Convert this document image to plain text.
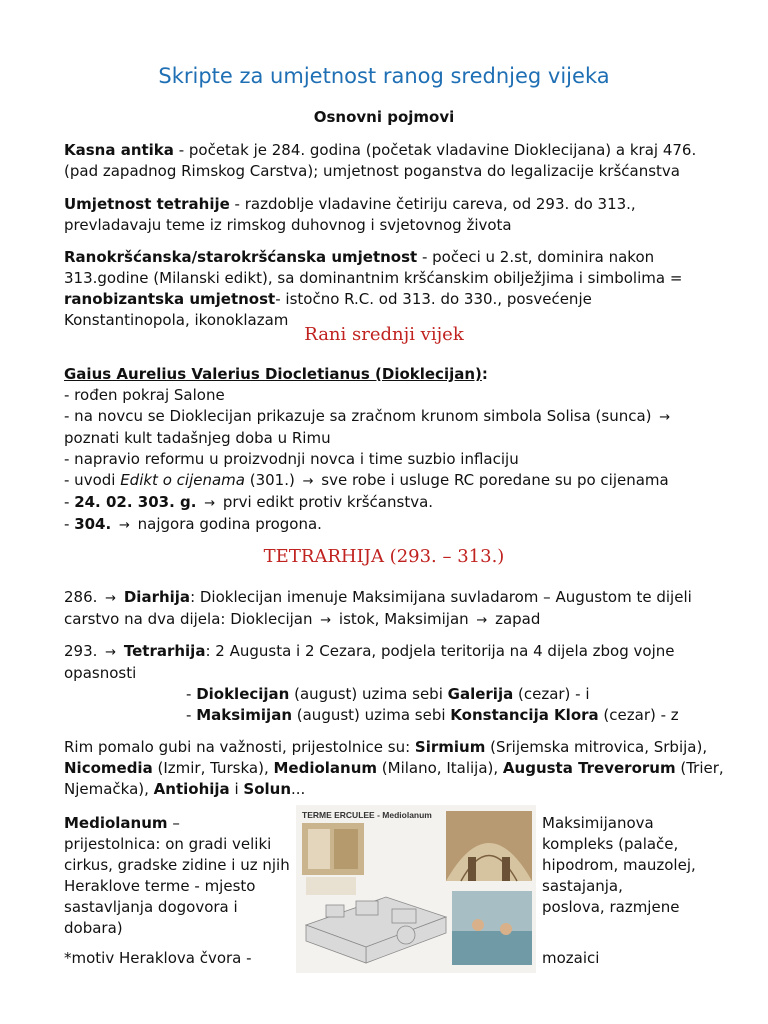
Skripte za umjetnost ranog srednjeg vijeka
Osnovni pojmovi

Kasna antika - početak je 284. godina (početak vladavine Dioklecijana) a kraj 476. (pad zapadnog Rimskog Carstva); umjetnost poganstva do legalizacije kršćanstva

Umjetnost tetrahije - razdoblje vladavine četiriju careva, od 293. do 313., prevladavaju teme iz rimskog duhovnog i svjetovnog života

Ranokršćanska/starokršćanska umjetnost - počeci u 2.st, dominira nakon 313.godine (Milanski edikt), sa dominantnim kršćanskim obilježjima i simbolima = ranobizantska umjetnost- istočno R.C. od 313. do 330., posvećenje Konstantinopola, ikonoklazam

Rani srednji vijek
Gaius Aurelius Valerius Diocletianus (Dioklecijan):
- rođen pokraj Salone
- na novcu se Dioklecijan prikazuje sa zračnom krunom simbola Solisa (sunca) →
poznati kult tadašnjeg doba u Rimu
- napravio reformu u proizvodnji novca i time suzbio inflaciju
- uvodi Edikt o cijenama (301.) → sve robe i usluge RC poredane su po cijenama
- 24. 02. 303. g. → prvi edikt protiv kršćanstva.
- 304. → najgora godina progona.
TETRARHIJA (293. – 313.)
286. → Diarhija: Dioklecijan imenuje Maksimijana suvladarom – Augustom te dijeli
carstvo na dva dijela: Dioklecijan → istok, Maksimijan → zapad
293. → Tetrarhija: 2 Augusta i 2 Cezara, podjela teritorija na 4 dijela zbog vojne
opasnosti
- Dioklecijan (august) uzima sebi Galerija (cezar) - i
- Maksimijan (august) uzima sebi Konstancija Klora (cezar) - z
Rim pomalo gubi na važnosti, prijestolnice su: Sirmium (Srijemska mitrovica, Srbija),
Nicomedia (Izmir, Turska), Mediolanum (Milano, Italija), Augusta Treverorum (Trier,
Njemačka), Antiohija i Solun...
Mediolanum –
prijestolnica: on gradi veliki
cirkus, gradske zidine i uz njih
Heraklove terme - mjesto
sastavljanja dogovora i
dobara)
TERME ERCULEE - Mediolanum	Maksimijanova
kompleks (palače,
hipodrom, mauzolej,
sastajanja,
poslova, razmjene
*motiv Heraklova čvora -	mozaici
